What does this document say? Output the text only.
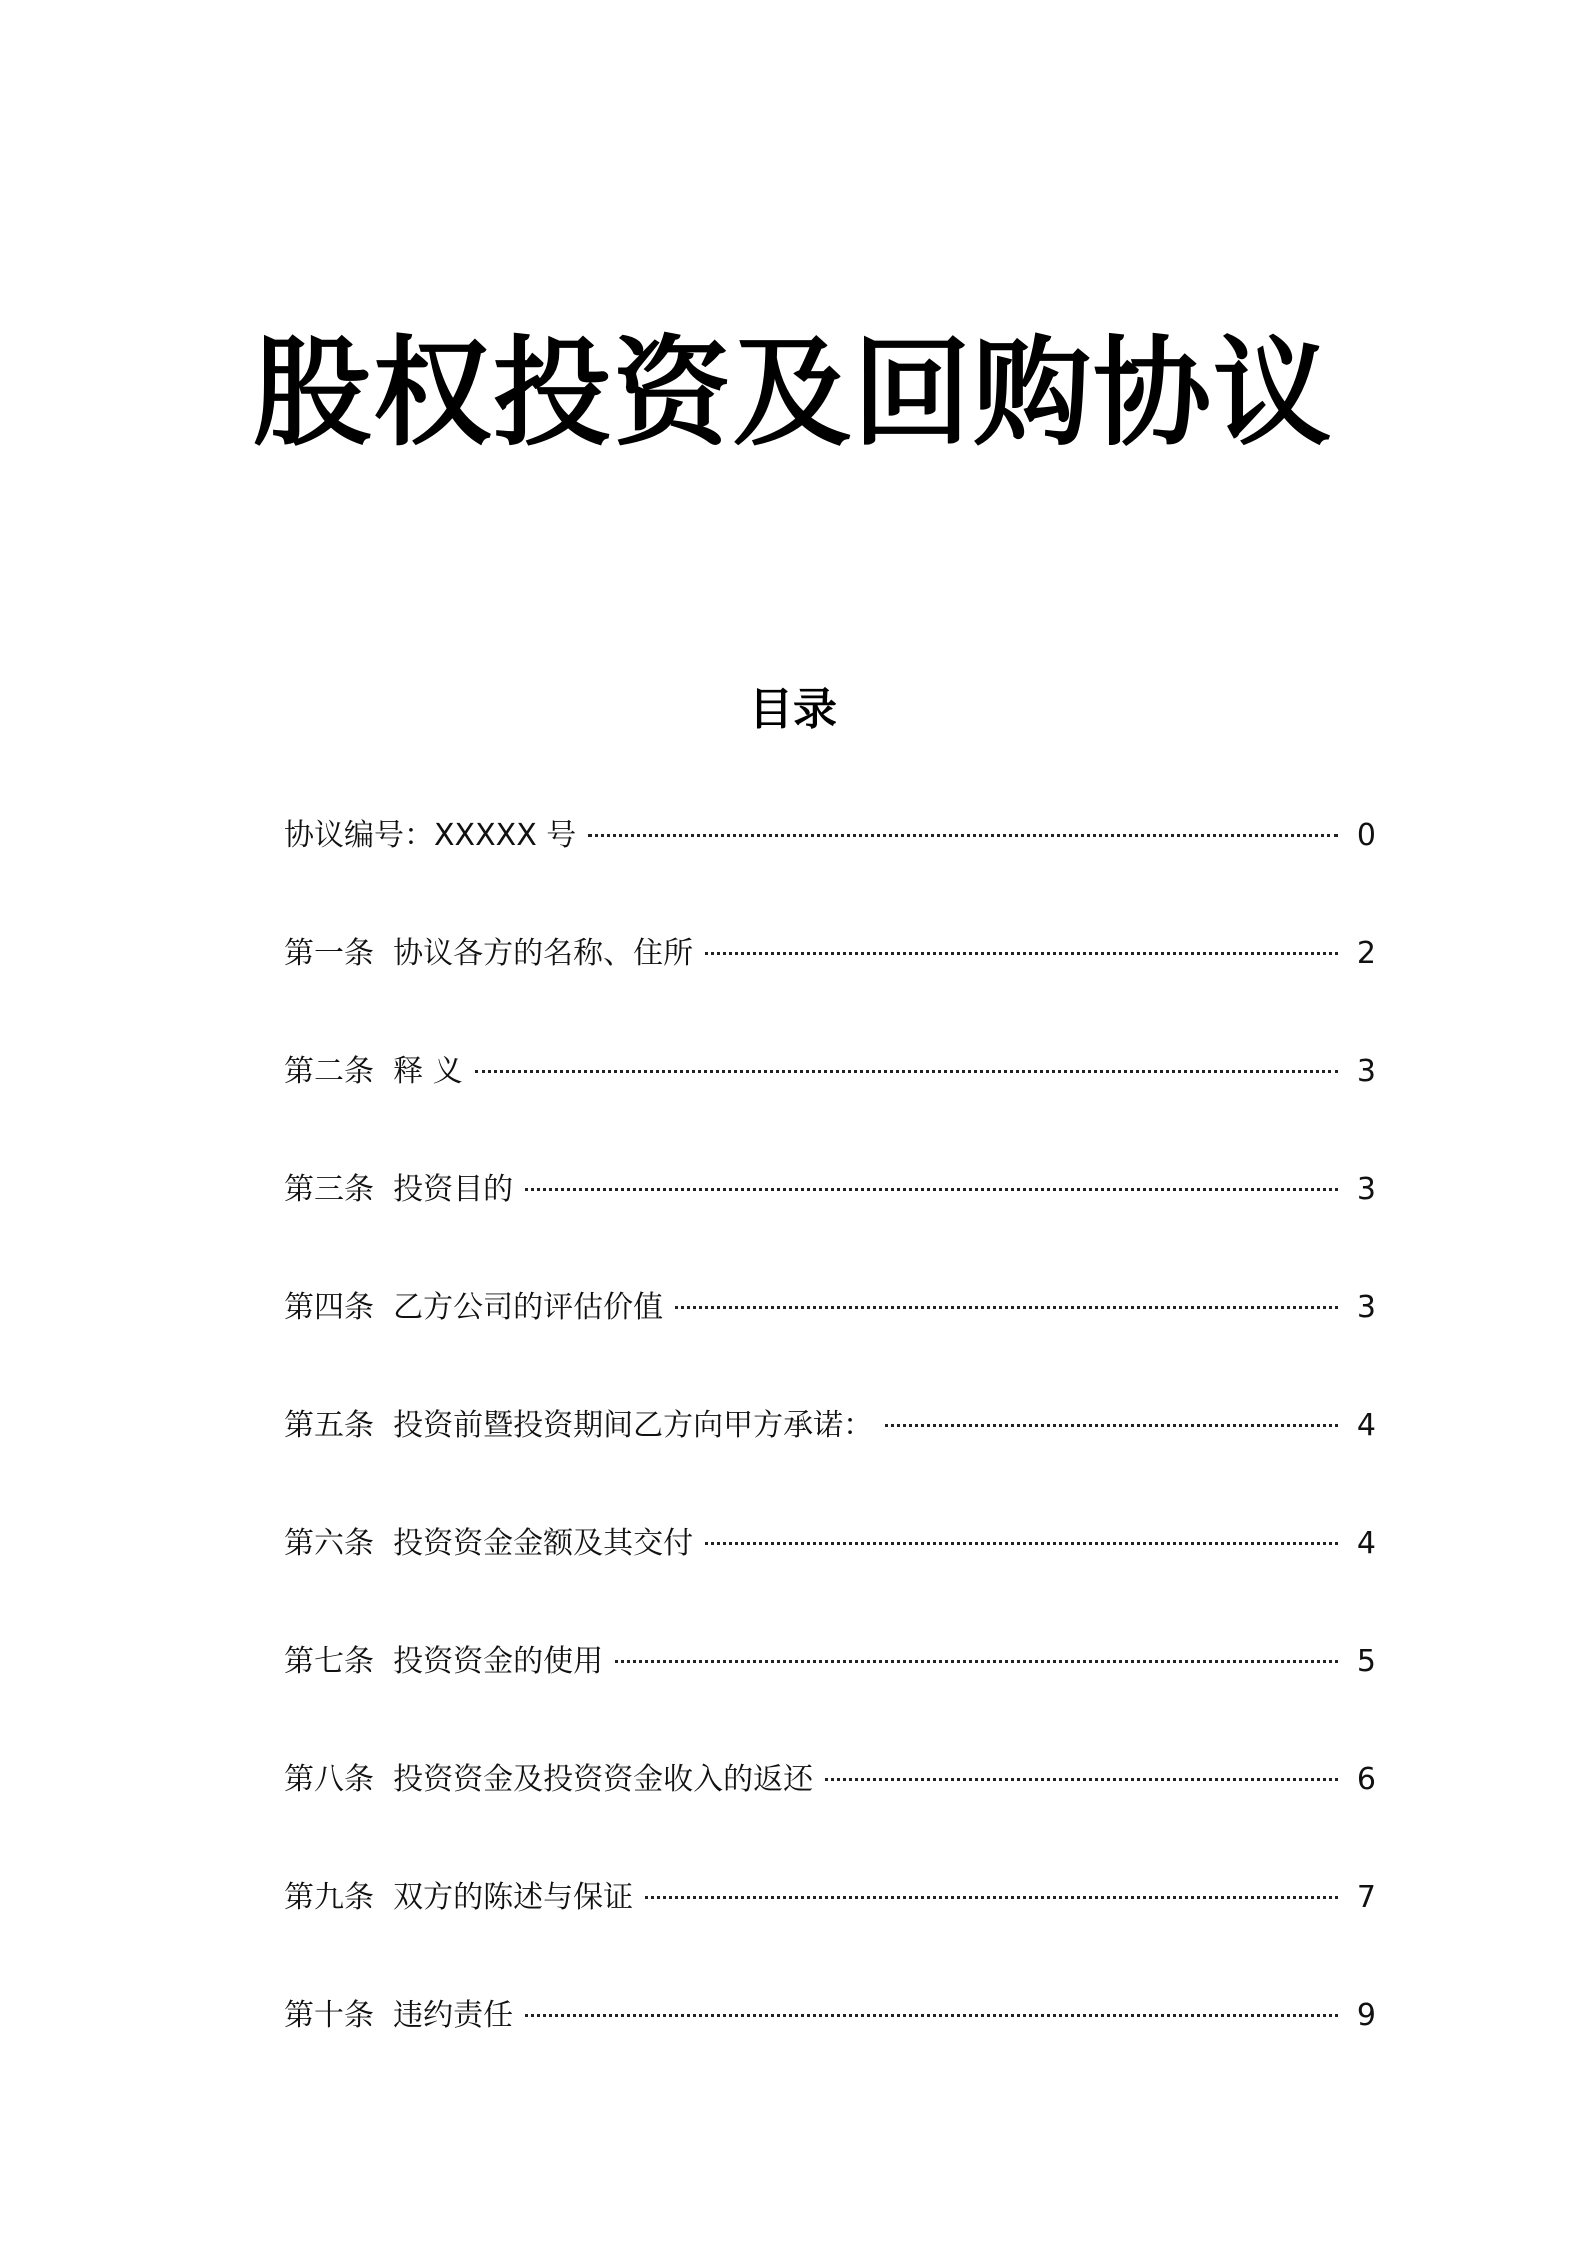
股权投资及回购协议
目录
协议编号：XXXXX 号	0
第一条  协议各方的名称、住所	2
第二条  释 义	3
第三条  投资目的	3
第四条  乙方公司的评估价值	3
第五条  投资前暨投资期间乙方向甲方承诺：	4
第六条  投资资金金额及其交付	4
第七条  投资资金的使用	5
第八条  投资资金及投资资金收入的返还	6
第九条  双方的陈述与保证	7
第十条  违约责任	9
